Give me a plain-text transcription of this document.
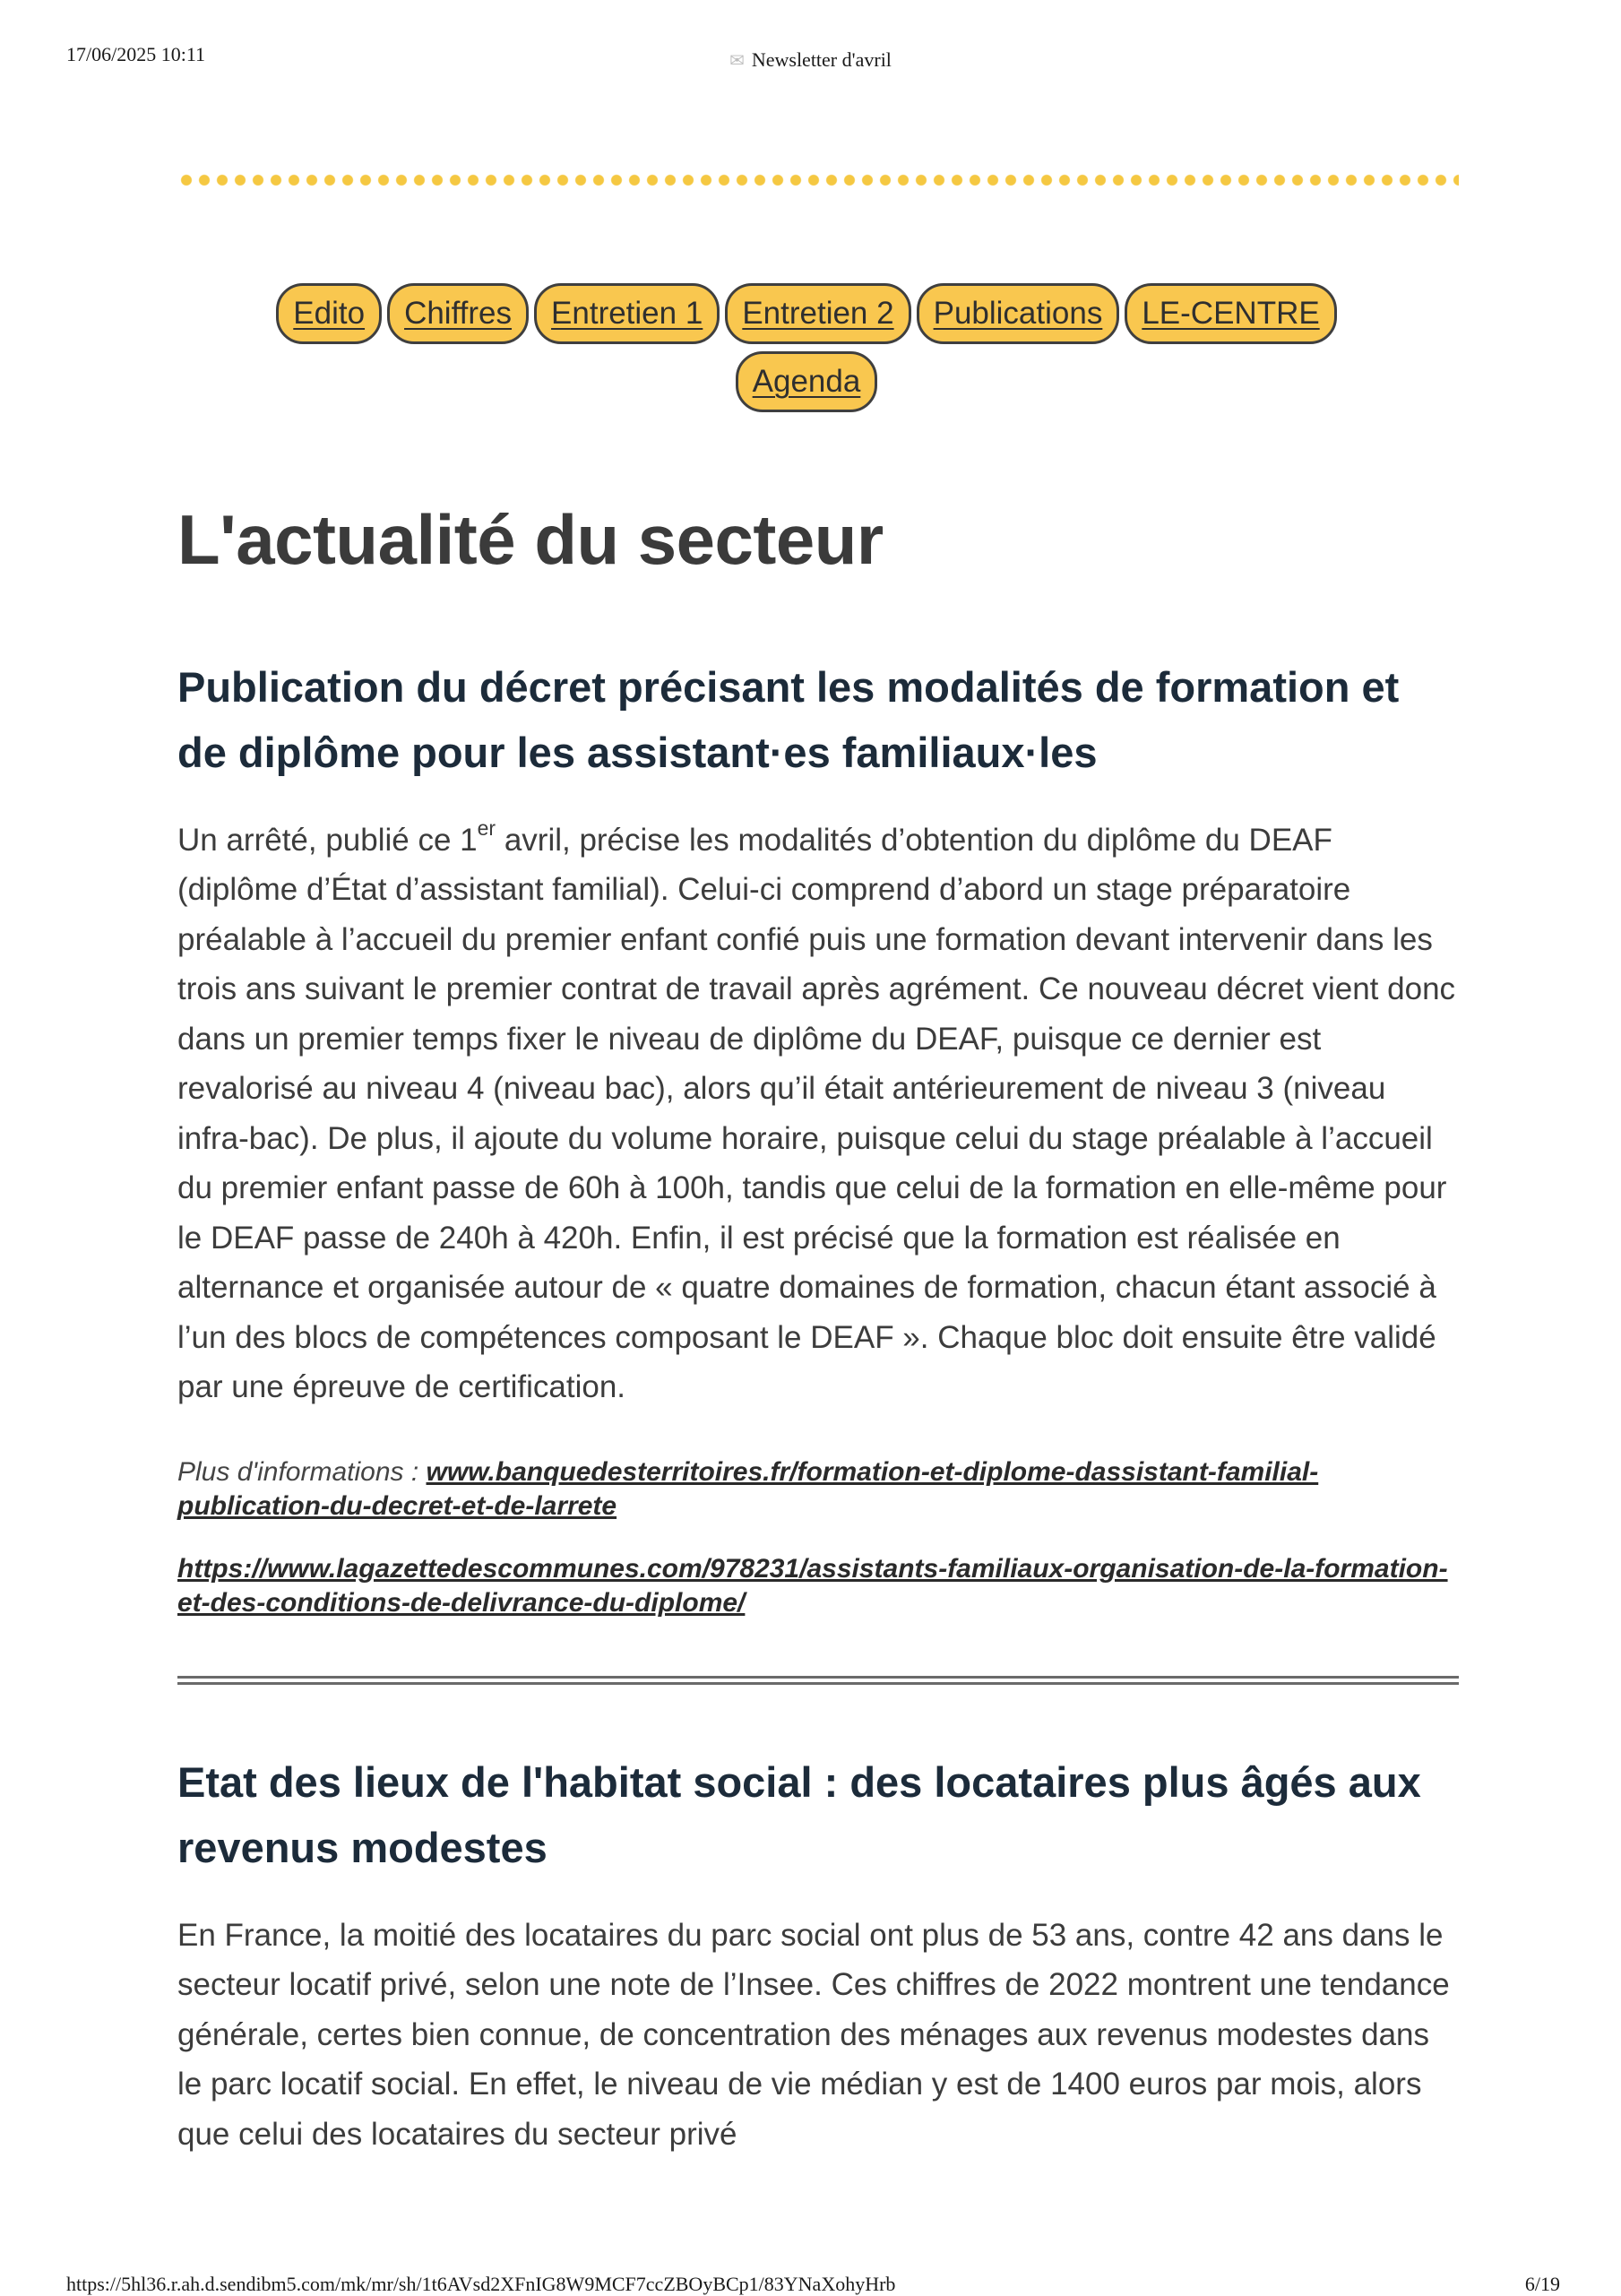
17/06/2025 10:11	✉ Newsletter d'avril
Edito	Chiffres	Entretien 1	Entretien 2	Publications	LE-CENTRE
Agenda
L'actualité du secteur
Publication du décret précisant les modalités de formation et de diplôme pour les assistant·es familiaux·les

Un arrêté, publié ce 1er avril, précise les modalités d’obtention du diplôme du DEAF (diplôme d’État d’assistant familial). Celui-ci comprend d’abord un stage préparatoire préalable à l’accueil du premier enfant confié puis une formation devant intervenir dans les trois ans suivant le premier contrat de travail après agrément. Ce nouveau décret vient donc dans un premier temps fixer le niveau de diplôme du DEAF, puisque ce dernier est revalorisé au niveau 4 (niveau bac), alors qu’il était antérieurement de niveau 3 (niveau infra-bac). De plus, il ajoute du volume horaire, puisque celui du stage préalable à l’accueil du premier enfant passe de 60h à 100h, tandis que celui de la formation en elle-même pour le DEAF passe de 240h à 420h. Enfin, il est précisé que la formation est réalisée en alternance et organisée autour de « quatre domaines de formation, chacun étant associé à l’un des blocs de compétences composant le DEAF ». Chaque bloc doit ensuite être validé par une épreuve de certification.

Plus d'informations : www.banquedesterritoires.fr/formation-et-diplome-dassistant-familial-publication-du-decret-et-de-larrete

https://www.lagazettedescommunes.com/978231/assistants-familiaux-organisation-de-la-formation-et-des-conditions-de-delivrance-du-diplome/

Etat des lieux de l'habitat social : des locataires plus âgés aux revenus modestes

En France, la moitié des locataires du parc social ont plus de 53 ans, contre 42 ans dans le secteur locatif privé, selon une note de l’Insee. Ces chiffres de 2022 montrent une tendance générale, certes bien connue, de concentration des ménages aux revenus modestes dans le parc locatif social. En effet, le niveau de vie médian y est de 1400 euros par mois, alors que celui des locataires du secteur privé

https://5hl36.r.ah.d.sendibm5.com/mk/mr/sh/1t6AVsd2XFnIG8W9MCF7ccZBOyBCp1/83YNaXohyHrb	6/19
